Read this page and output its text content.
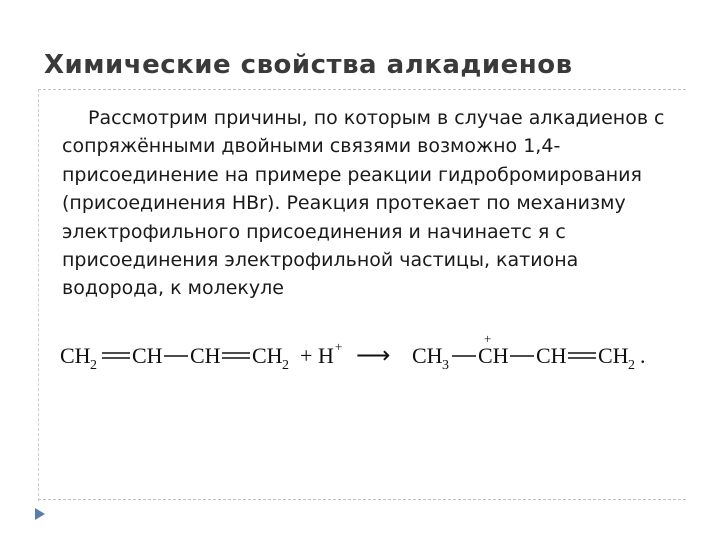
Химические свойства алкадиенов

Рассмотрим причины, по которым в случае алкадиенов с сопряжёнными двойными связями возможно 1,4-присоединение на примере реакции гидробромирования (присоединения HBr). Реакция протекает по механизму электрофильного присоединения и начинаетс я с присоединения электрофильной частицы, катиона водорода, к молекуле

CH 2 CH CH CH 2 + H + ⟶ CH 3
+
CH CH CH 2 .
